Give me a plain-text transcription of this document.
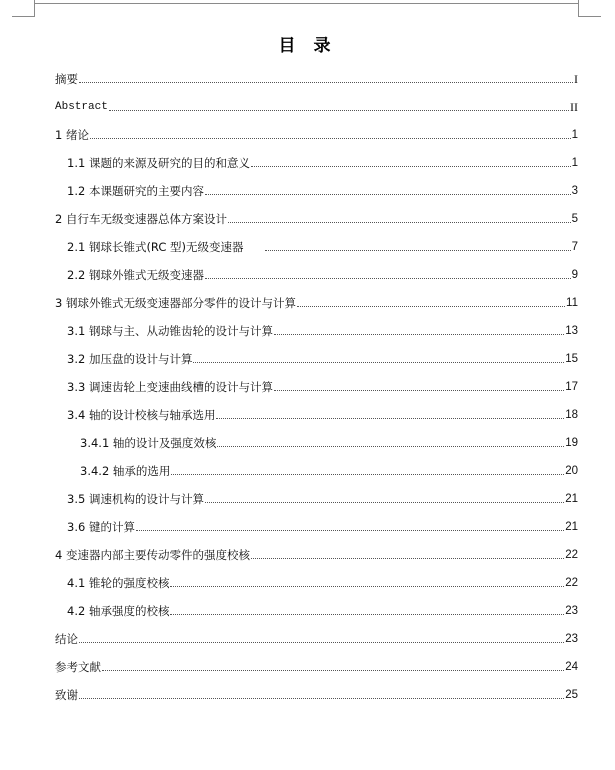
目 录
摘要	I
Abstract	II
1 绪论	1
1.1 课题的来源及研究的目的和意义	1
1.2 本课题研究的主要内容	3
2 自行车无级变速器总体方案设计	5
2.1 钢球长锥式(RC 型)无级变速器	7
2.2 钢球外锥式无级变速器	9
3 钢球外锥式无级变速器部分零件的设计与计算	11
3.1 钢球与主、从动锥齿轮的设计与计算	13
3.2 加压盘的设计与计算	15
3.3 调速齿轮上变速曲线槽的设计与计算	17
3.4 轴的设计校核与轴承选用	18
3.4.1 轴的设计及强度效核	19
3.4.2 轴承的选用	20
3.5 调速机构的设计与计算	21
3.6 键的计算	21
4 变速器内部主要传动零件的强度校核	22
4.1 锥轮的强度校核	22
4.2 轴承强度的校核	23
结论	23
参考文献	24
致谢	25
